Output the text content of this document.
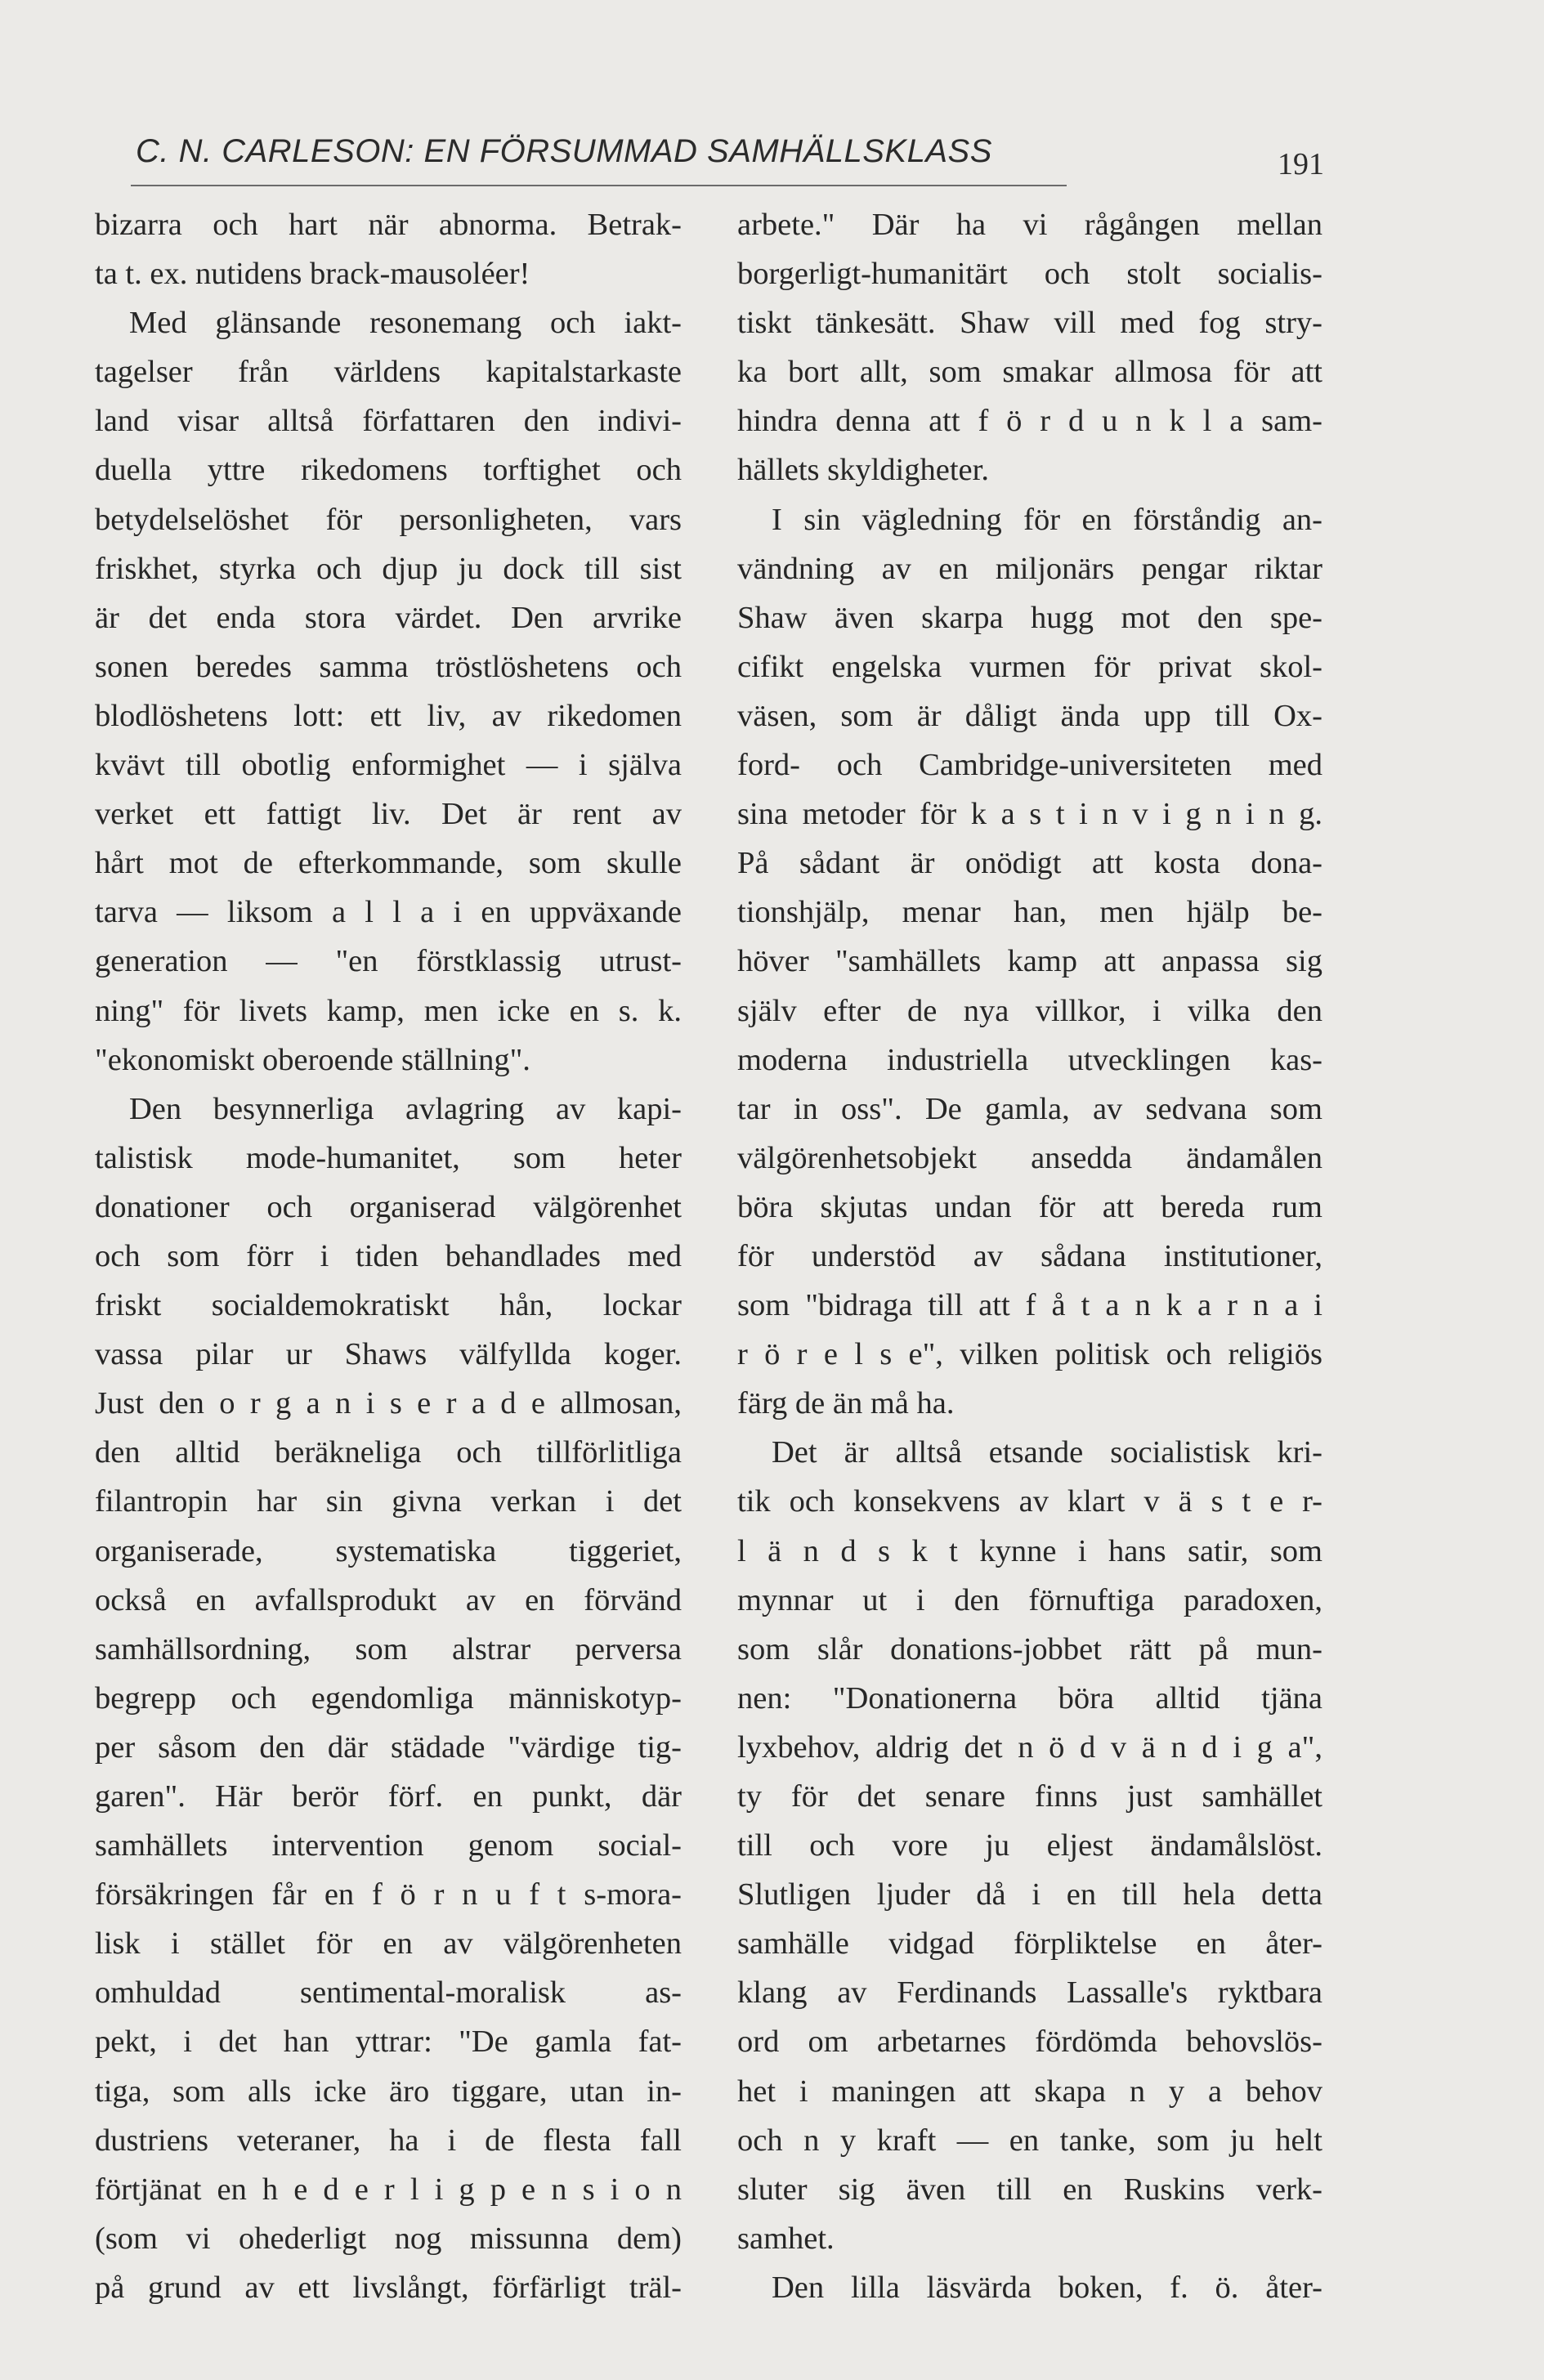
C. N. CARLESON: EN FÖRSUMMAD SAMHÄLLSKLASS	191
bizarra och hart när abnorma. Betrak-
ta t. ex. nutidens brack-mausoléer!
Med glänsande resonemang och iakt-
tagelser från världens kapitalstarkaste
land visar alltså författaren den indivi-
duella yttre rikedomens torftighet och
betydelselöshet för personligheten, vars
friskhet, styrka och djup ju dock till sist
är det enda stora värdet. Den arvrike
sonen beredes samma tröstlöshetens och
blodlöshetens lott: ett liv, av rikedomen
kvävt till obotlig enformighet — i själva
verket ett fattigt liv. Det är rent av
hårt mot de efterkommande, som skulle
tarva — liksom a l l a i en uppväxande
generation — "en förstklassig utrust-
ning" för livets kamp, men icke en s. k.
"ekonomiskt oberoende ställning".
Den besynnerliga avlagring av kapi-
talistisk mode-humanitet, som heter
donationer och organiserad välgörenhet
och som förr i tiden behandlades med
friskt socialdemokratiskt hån, lockar
vassa pilar ur Shaws välfyllda koger.
Just den o r g a n i s e r a d e allmosan,
den alltid beräkneliga och tillförlitliga
filantropin har sin givna verkan i det
organiserade, systematiska tiggeriet,
också en avfallsprodukt av en förvänd
samhällsordning, som alstrar perversa
begrepp och egendomliga människotyp-
per såsom den där städade "värdige tig-
garen". Här berör förf. en punkt, där
samhällets intervention genom social-
försäkringen får en f ö r n u f t s-mora-
lisk i stället för en av välgörenheten
omhuldad sentimental-moralisk as-
pekt, i det han yttrar: "De gamla fat-
tiga, som alls icke äro tiggare, utan in-
dustriens veteraner, ha i de flesta fall
förtjänat en h e d e r l i g p e n s i o n
(som vi ohederligt nog missunna dem)
på grund av ett livslångt, förfärligt träl-
arbete." Där ha vi rågången mellan
borgerligt-humanitärt och stolt socialis-
tiskt tänkesätt. Shaw vill med fog stry-
ka bort allt, som smakar allmosa för att
hindra denna att f ö r d u n k l a sam-
hällets skyldigheter.
I sin vägledning för en förståndig an-
vändning av en miljonärs pengar riktar
Shaw även skarpa hugg mot den spe-
cifikt engelska vurmen för privat skol-
väsen, som är dåligt ända upp till Ox-
ford- och Cambridge-universiteten med
sina metoder för k a s t i n v i g n i n g.
På sådant är onödigt att kosta dona-
tionshjälp, menar han, men hjälp be-
höver "samhällets kamp att anpassa sig
själv efter de nya villkor, i vilka den
moderna industriella utvecklingen kas-
tar in oss". De gamla, av sedvana som
välgörenhetsobjekt ansedda ändamålen
böra skjutas undan för att bereda rum
för understöd av sådana institutioner,
som "bidraga till att f å t a n k a r n a i
r ö r e l s e", vilken politisk och religiös
färg de än må ha.
Det är alltså etsande socialistisk kri-
tik och konsekvens av klart v ä s t e r-
l ä n d s k t kynne i hans satir, som
mynnar ut i den förnuftiga paradoxen,
som slår donations-jobbet rätt på mun-
nen: "Donationerna böra alltid tjäna
lyxbehov, aldrig det n ö d v ä n d i g a",
ty för det senare finns just samhället
till och vore ju eljest ändamålslöst.
Slutligen ljuder då i en till hela detta
samhälle vidgad förpliktelse en åter-
klang av Ferdinands Lassalle's ryktbara
ord om arbetarnes fördömda behovslös-
het i maningen att skapa n y a behov
och n y kraft — en tanke, som ju helt
sluter sig även till en Ruskins verk-
samhet.
Den lilla läsvärda boken, f. ö. åter-
